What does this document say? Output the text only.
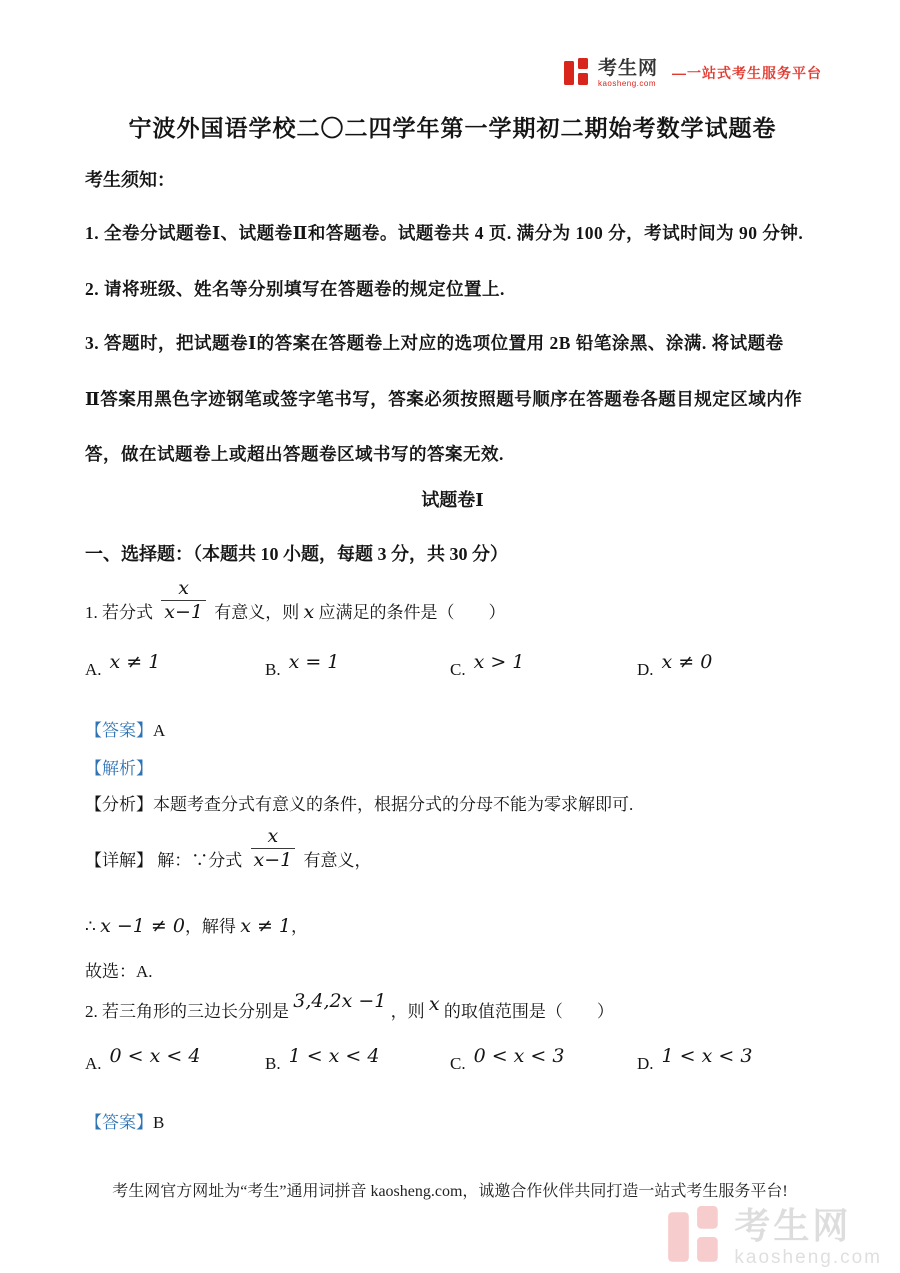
考生网
kaosheng.com
—一站式考生服务平台
宁波外国语学校二〇二四学年第一学期初二期始考数学试题卷
考生须知：
1. 全卷分试题卷Ⅰ、试题卷Ⅱ和答题卷。试题卷共 4 页. 满分为 100 分，考试时间为 90 分钟.
2. 请将班级、姓名等分别填写在答题卷的规定位置上.
3. 答题时，把试题卷Ⅰ的答案在答题卷上对应的选项位置用 2B 铅笔涂黑、涂满. 将试题卷
Ⅱ答案用黑色字迹钢笔或签字笔书写，答案必须按照题号顺序在答题卷各题目规定区域内作
答，做在试题卷上或超出答题卷区域书写的答案无效.
试题卷Ⅰ
一、选择题：（本题共 10 小题，每题 3 分，共 30 分）
1. 若分式 $\frac{x}{x-1}$ 有意义，则 x 应满足的条件是（　　）
A. x ≠ 1	B. x = 1	C. x > 1	D. x ≠ 0
【答案】A
【解析】
【分析】本题考查分式有意义的条件，根据分式的分母不能为零求解即可.
【详解】 解：∵分式 $\frac{x}{x-1}$ 有意义，
∴ x −1 ≠ 0，解得 x ≠ 1，
故选：A.
2. 若三角形的三边长分别是 3,4,2x −1 ，则 x 的取值范围是（　　）
A. 0 < x < 4	B. 1 < x < 4	C. 0 < x < 3	D. 1 < x < 3
【答案】B
考生网官方网址为“考生”通用词拼音 kaosheng.com，诚邀合作伙伴共同打造一站式考生服务平台!
考生网
kaosheng.com
